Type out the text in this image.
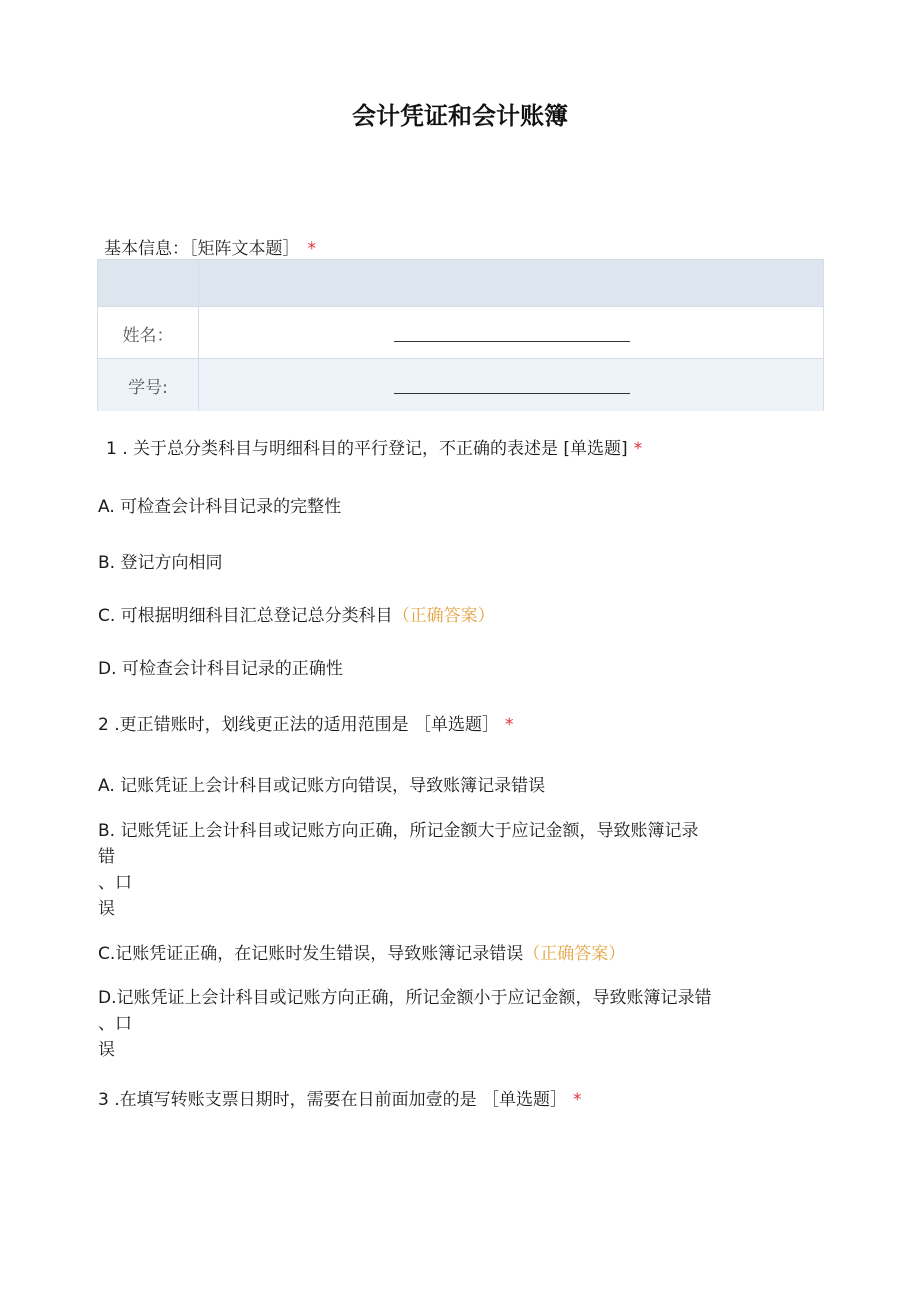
会计凭证和会计账簿
基本信息：［矩阵文本题］ *
姓名：
学号:
1 . 关于总分类科目与明细科目的平行登记，不正确的表述是 [单选题] *
A. 可检查会计科目记录的完整性
B. 登记方向相同
C. 可根据明细科目汇总登记总分类科目（正确答案）
D. 可检查会计科目记录的正确性
2 .更正错账时，划线更正法的适用范围是 ［单选题］ *
A. 记账凭证上会计科目或记账方向错误，导致账簿记录错误
B. 记账凭证上会计科目或记账方向正确，所记金额大于应记金额，导致账簿记录
错
、口
误
C.记账凭证正确，在记账时发生错误，导致账簿记录错误（正确答案）
D.记账凭证上会计科目或记账方向正确，所记金额小于应记金额，导致账簿记录错
、口
误
3 .在填写转账支票日期时，需要在日前面加壹的是 ［单选题］ *
